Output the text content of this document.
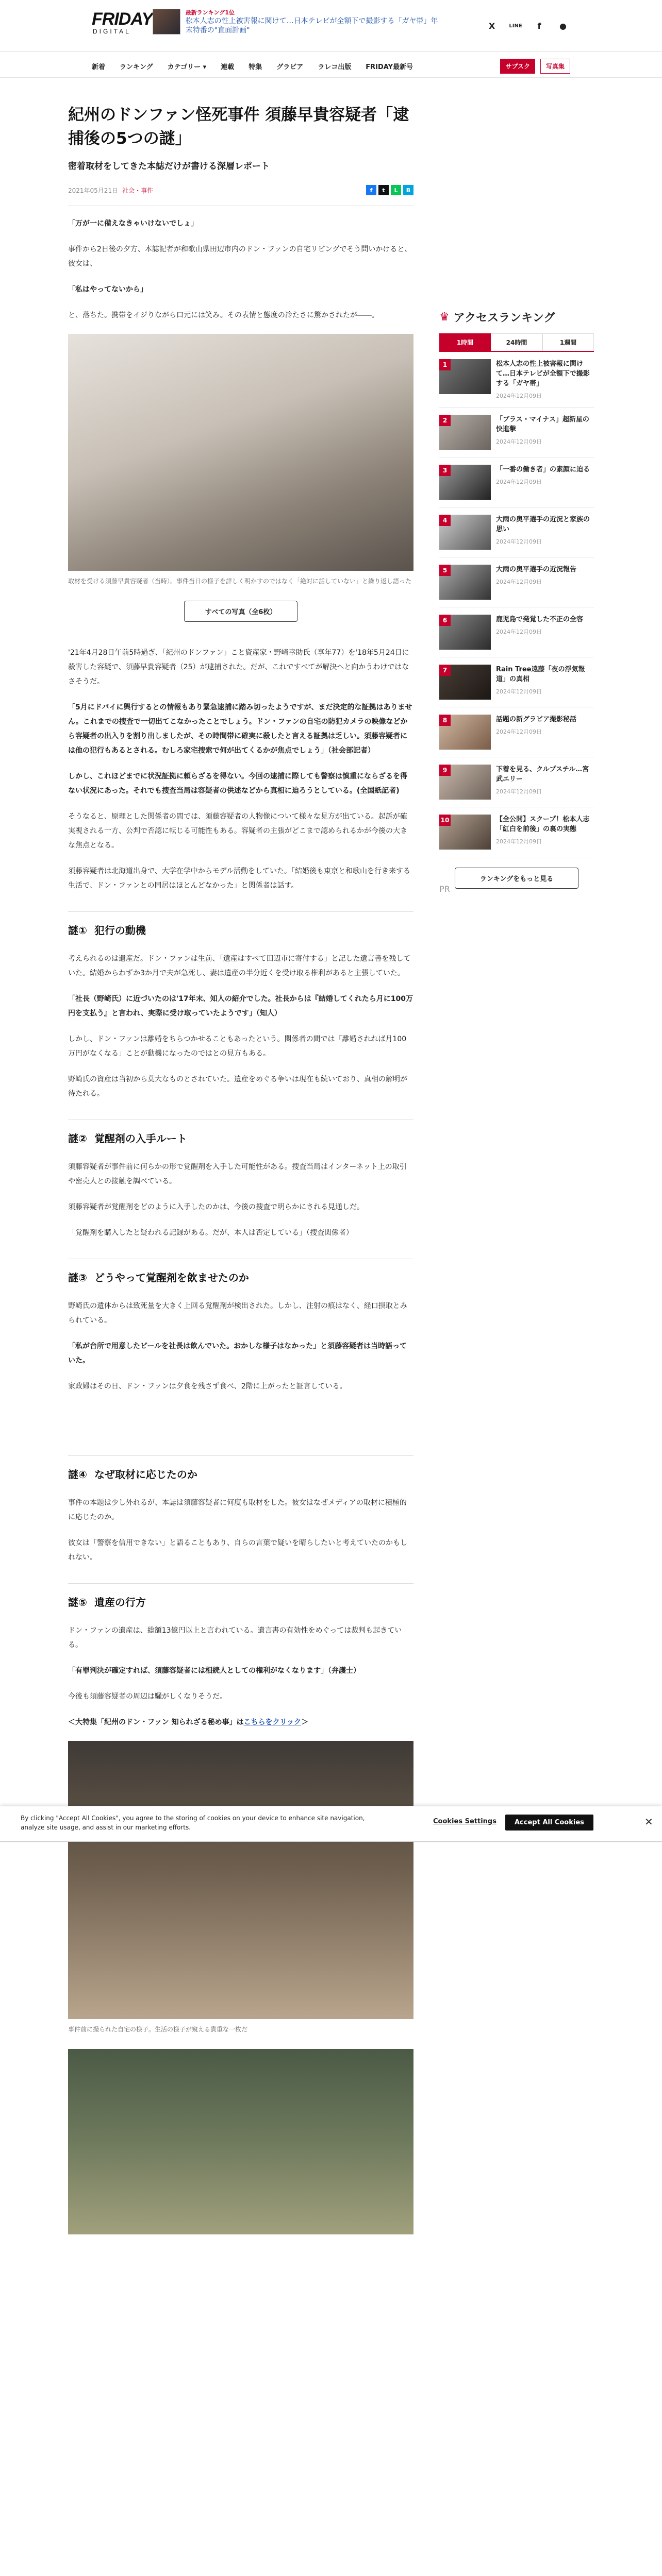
FRIDAY
DIGITAL
最新ランキング1位
松本人志の性上被害報に関けて…日本テレビが全額下で撮影する「ガヤ帯」年末特番の"直面計画"	X	LINE	f	●
新着 ランキング カテゴリー ▾ 連載 特集 グラビア ラレコ出版 FRIDAY最新号	サブスク	写真集
紀州のドンファン怪死事件 須藤早貴容疑者「逮捕後の5つの謎」
密着取材をしてきた本誌だけが書ける深層レポート
2021年05月21日 社会・事件	f	t	L	B

「万が一に備えなきゃいけないでしょ」

事件から2日後の夕方、本誌記者が和歌山県田辺市内のドン・ファンの自宅リビングでそう問いかけると、彼女は、

「私はやってないから」

と、落ちた。携帯をイジりながら口元には笑み。その表情と態度の冷たさに驚かされたが――。

取材を受ける須藤早貴容疑者（当時）。事件当日の様子を詳しく明かすのではなく「絶対に話していない」と繰り返し語った
すべての写真（全6枚）

'21年4月28日午前5時過ぎ、「紀州のドンファン」こと資産家・野崎幸助氏（享年77）を'18年5月24日に殺害した容疑で、須藤早貴容疑者（25）が逮捕された。だが、これですべてが解決へと向かうわけではなさそうだ。

「5月にドバイに興行するとの情報もあり緊急逮捕に踏み切ったようですが、まだ決定的な証拠はありません。これまでの捜査で一切出てこなかったことでしょう。ドン・ファンの自宅の防犯カメラの映像などから容疑者の出入りを割り出しましたが、その時間帯に確実に殺したと言える証拠は乏しい。須藤容疑者には他の犯行もあるとされる。むしろ家宅捜索で何が出てくるかが焦点でしょう」（社会部記者）

しかし、これほどまでに状況証拠に頼らざるを得ない。今回の逮捕に際しても警察は慎重にならざるを得ない状況にあった。それでも捜査当局は容疑者の供述などから真相に迫ろうとしている。(全国紙記者)

そうなると、原理とした関係者の間では、須藤容疑者の人物像について様々な見方が出ている。起訴が確実視される一方、公判で否認に転じる可能性もある。容疑者の主張がどこまで認められるかが今後の大きな焦点となる。

須藤容疑者は北海道出身で、大学在学中からモデル活動をしていた。「結婚後も東京と和歌山を行き来する生活で、ドン・ファンとの同居はほとんどなかった」と関係者は話す。

謎① 犯行の動機

考えられるのは遺産だ。ドン・ファンは生前、「遺産はすべて田辺市に寄付する」と記した遺言書を残していた。結婚からわずか3か月で夫が急死し、妻は遺産の半分近くを受け取る権利があると主張していた。

「社長（野崎氏）に近づいたのは'17年末、知人の紹介でした。社長からは『結婚してくれたら月に100万円を支払う』と言われ、実際に受け取っていたようです」（知人）

しかし、ドン・ファンは離婚をちらつかせることもあったという。関係者の間では「離婚されれば月100万円がなくなる」ことが動機になったのではとの見方もある。

野崎氏の資産は当初から莫大なものとされていた。遺産をめぐる争いは現在も続いており、真相の解明が待たれる。

謎② 覚醒剤の入手ルート

須藤容疑者が事件前に何らかの形で覚醒剤を入手した可能性がある。捜査当局はインターネット上の取引や密売人との接触を調べている。

須藤容疑者が覚醒剤をどのように入手したのかは、今後の捜査で明らかにされる見通しだ。

「覚醒剤を購入したと疑われる記録がある。だが、本人は否定している」（捜査関係者）

謎③ どうやって覚醒剤を飲ませたのか

野崎氏の遺体からは致死量を大きく上回る覚醒剤が検出された。しかし、注射の痕はなく、経口摂取とみられている。

「私が台所で用意したビールを社長は飲んでいた。おかしな様子はなかった」と須藤容疑者は当時語っていた。

家政婦はその日、ドン・ファンは夕食を残さず食べ、2階に上がったと証言している。

謎④ なぜ取材に応じたのか

事件の本題は少し外れるが、本誌は須藤容疑者に何度も取材をした。彼女はなぜメディアの取材に積極的に応じたのか。

彼女は「警察を信用できない」と語ることもあり、自らの言葉で疑いを晴らしたいと考えていたのかもしれない。

謎⑤ 遺産の行方

ドン・ファンの遺産は、総額13億円以上と言われている。遺言書の有効性をめぐっては裁判も起きている。

「有罪判決が確定すれば、須藤容疑者には相続人としての権利がなくなります」（弁護士）

今後も須藤容疑者の周辺は騒がしくなりそうだ。

＜大特集「紀州のドン・ファン 知られざる秘め事」はこちらをクリック＞

事件前に撮られた自宅の様子。生活の様子が窺える貴重な一枚だ
♛ アクセスランキング
1時間	24時間	1週間
1	松本人志の性上被害報に関けて…日本テレビが全額下で撮影する「ガヤ帯」
2024年12月09日
2	「ブラス・マイナス」超新星の快進撃
2024年12月09日
3	「一番の働き者」の素顔に迫る
2024年12月09日
4	大雨の奥平選手の近況と家族の思い
2024年12月09日
5	大雨の奥平選手の近況報告
2024年12月09日
6	鹿児島で発覚した不正の全容
2024年12月09日
7	Rain Tree遠藤「夜の浮気報道」の真相
2024年12月09日
8	話題の新グラビア撮影秘話
2024年12月09日
9	下着を見る、クルプスチル…宮武エリー
2024年12月09日
10	【全公開】スクープ！松本人志「紅白を前後」の裏の実態
2024年12月09日
ランキングをもっと見る
PR
By clicking "Accept All Cookies", you agree to the storing of cookies on your device to enhance site navigation, analyze site usage, and assist in our marketing efforts.
Cookies Settings	Accept All Cookies	✕
